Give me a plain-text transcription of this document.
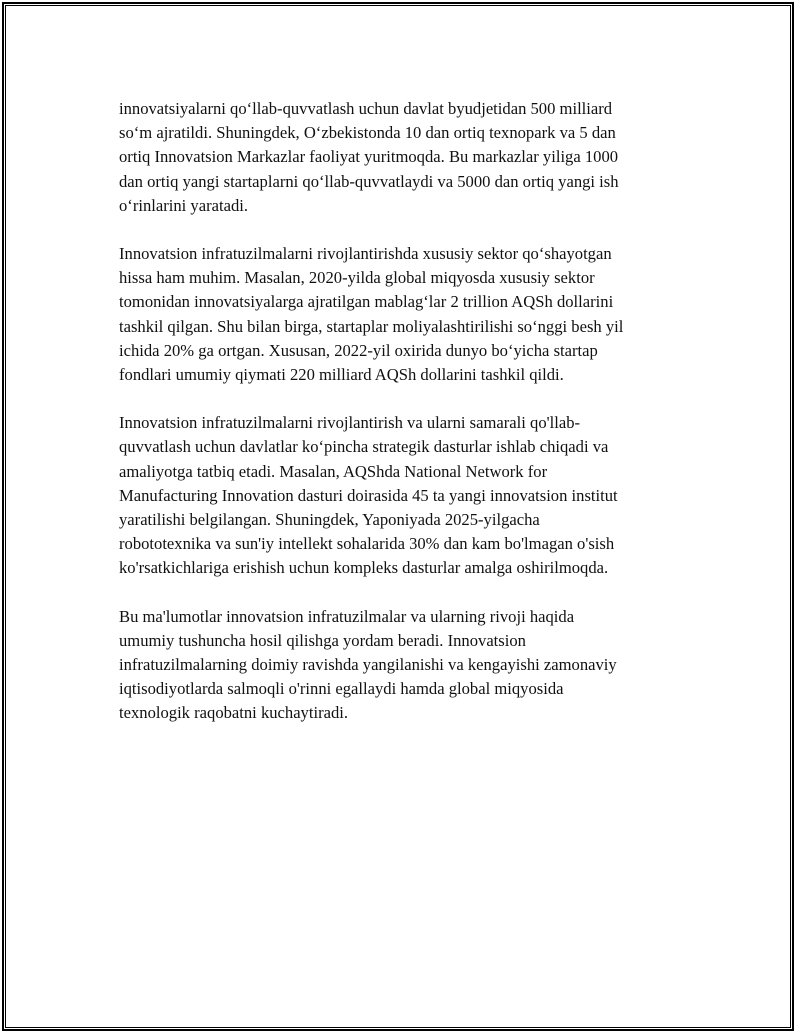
innovatsiyalarni qo‘llab-quvvatlash uchun davlat byudjetidan 500 milliard
so‘m ajratildi. Shuningdek, O‘zbekistonda 10 dan ortiq texnopark va 5 dan
ortiq Innovatsion Markazlar faoliyat yuritmoqda. Bu markazlar yiliga 1000
dan ortiq yangi startaplarni qo‘llab-quvvatlaydi va 5000 dan ortiq yangi ish
o‘rinlarini yaratadi.

Innovatsion infratuzilmalarni rivojlantirishda xususiy sektor qo‘shayotgan
hissa ham muhim. Masalan, 2020-yilda global miqyosda xususiy sektor
tomonidan innovatsiyalarga ajratilgan mablag‘lar 2 trillion AQSh dollarini
tashkil qilgan. Shu bilan birga, startaplar moliyalashtirilishi so‘nggi besh yil
ichida 20% ga ortgan. Xususan, 2022-yil oxirida dunyo bo‘yicha startap
fondlari umumiy qiymati 220 milliard AQSh dollarini tashkil qildi.

Innovatsion infratuzilmalarni rivojlantirish va ularni samarali qo'llab-
quvvatlash uchun davlatlar ko‘pincha strategik dasturlar ishlab chiqadi va
amaliyotga tatbiq etadi. Masalan, AQShda National Network for
Manufacturing Innovation dasturi doirasida 45 ta yangi innovatsion institut
yaratilishi belgilangan. Shuningdek, Yaponiyada 2025-yilgacha
robototexnika va sun'iy intellekt sohalarida 30% dan kam bo'lmagan o'sish
ko'rsatkichlariga erishish uchun kompleks dasturlar amalga oshirilmoqda.

Bu ma'lumotlar innovatsion infratuzilmalar va ularning rivoji haqida
umumiy tushuncha hosil qilishga yordam beradi. Innovatsion
infratuzilmalarning doimiy ravishda yangilanishi va kengayishi zamonaviy
iqtisodiyotlarda salmoqli o'rinni egallaydi hamda global miqyosida
texnologik raqobatni kuchaytiradi.
